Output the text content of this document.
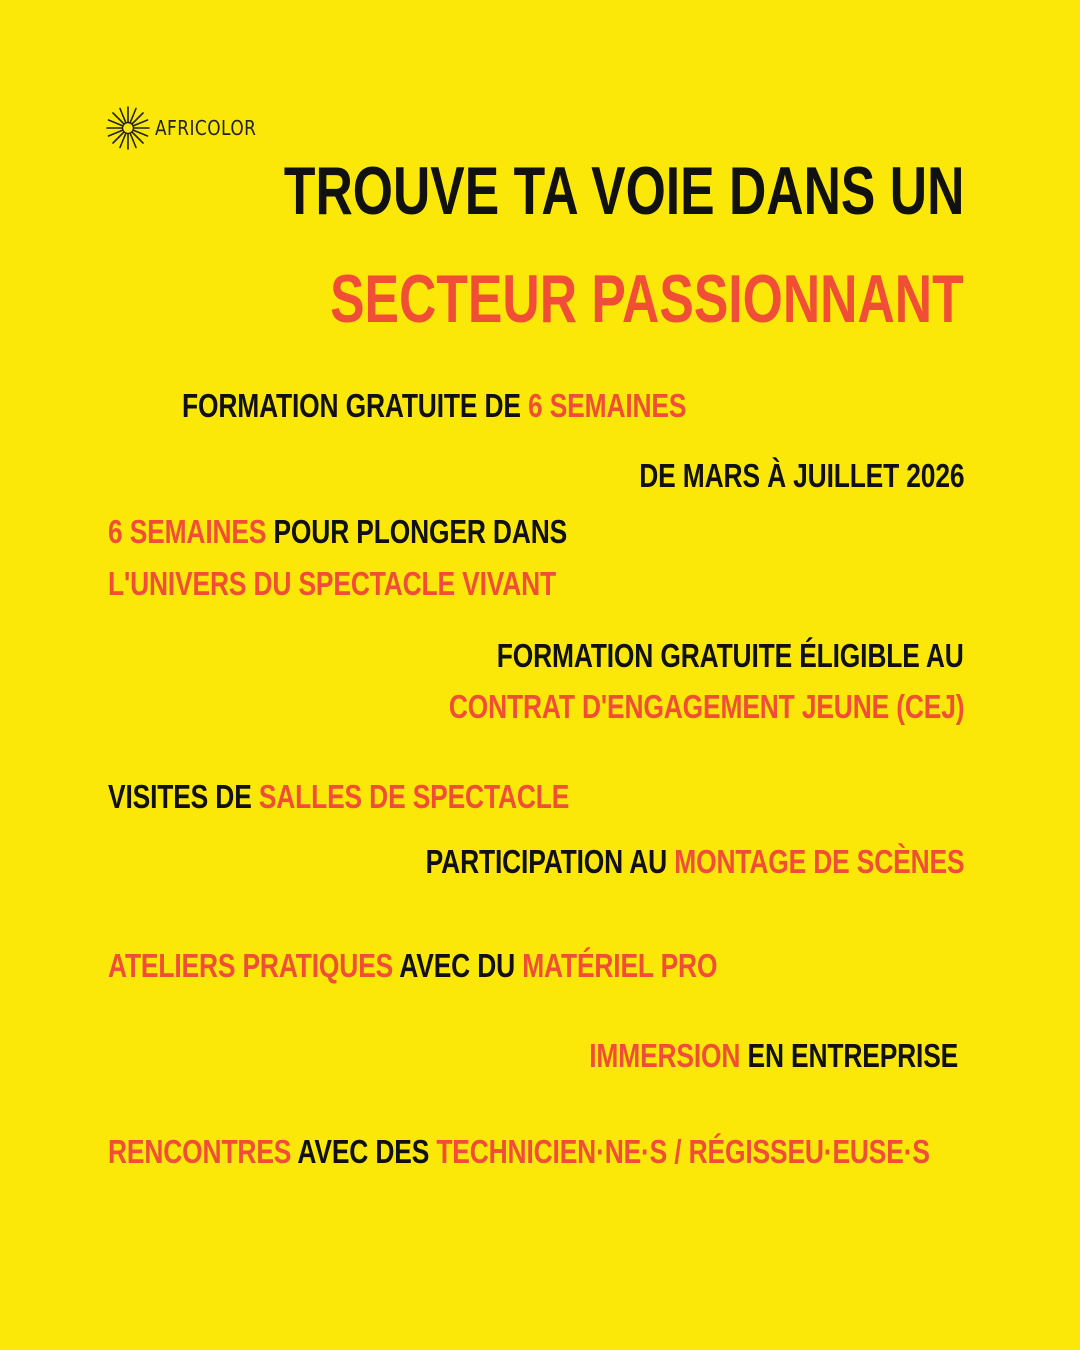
AFRICOLOR
TROUVE TA VOIE DANS UN
SECTEUR PASSIONNANT
FORMATION GRATUITE DE 6 SEMAINES
DE MARS À JUILLET 2026
6 SEMAINES POUR PLONGER DANS
L'UNIVERS DU SPECTACLE VIVANT
FORMATION GRATUITE ÉLIGIBLE AU
CONTRAT D'ENGAGEMENT JEUNE (CEJ)
VISITES DE SALLES DE SPECTACLE
PARTICIPATION AU MONTAGE DE SCÈNES
ATELIERS PRATIQUES AVEC DU MATÉRIEL PRO
IMMERSION EN ENTREPRISE
RENCONTRES AVEC DES TECHNICIEN·NE·S / RÉGISSEU·EUSE·S
